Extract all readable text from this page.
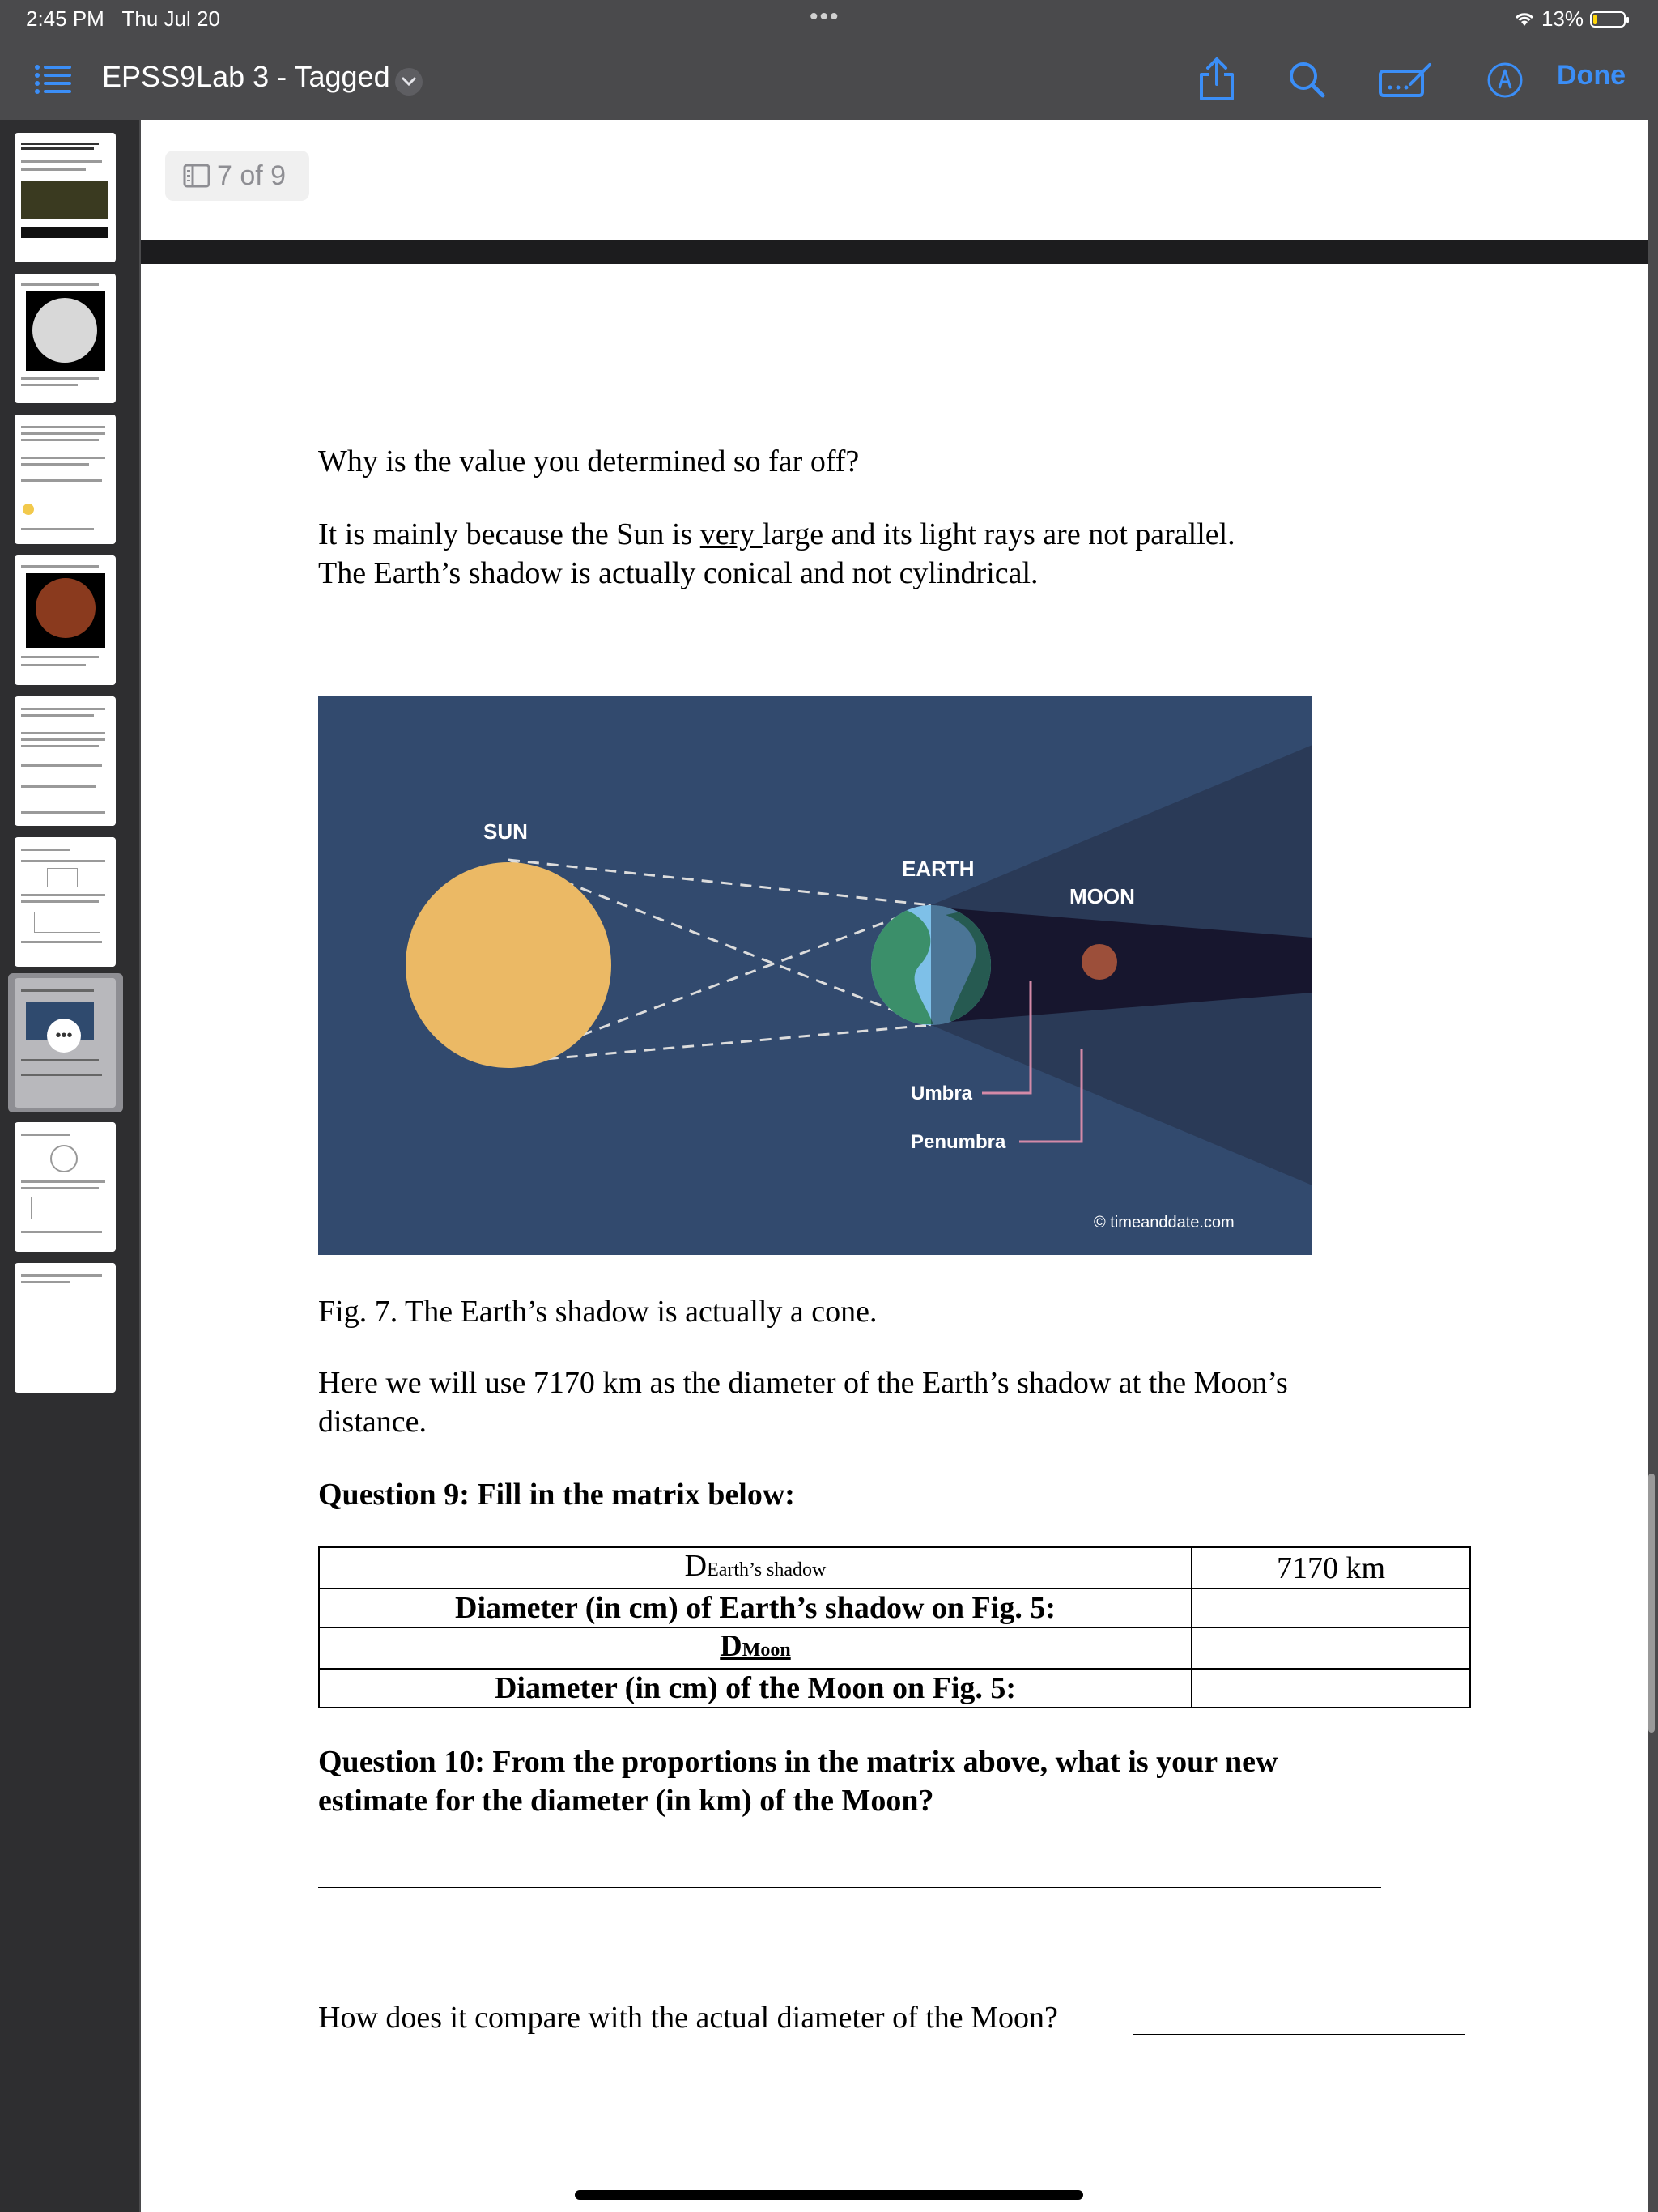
2:45 PM Thu Jul 20	•••	13%
EPSS9Lab 3 - Tagged	Done
•••
7 of 9
Why is the value you determined so far off?
It is mainly because the Sun is very large and its light rays are not parallel.
The Earth’s shadow is actually conical and not cylindrical.
SUN
EARTH
MOON
Umbra
Penumbra
© timeanddate.com
Fig. 7. The Earth’s shadow is actually a cone.
Here we will use 7170 km as the diameter of the Earth’s shadow at the Moon’s
distance.
Question 9: Fill in the matrix below:
DEarth’s shadow	7170 km
Diameter (in cm) of Earth’s shadow on Fig. 5:	
DMoon	
Diameter (in cm) of the Moon on Fig. 5:	
Question 10: From the proportions in the matrix above, what is your new
estimate for the diameter (in km) of the Moon?
How does it compare with the actual diameter of the Moon?
